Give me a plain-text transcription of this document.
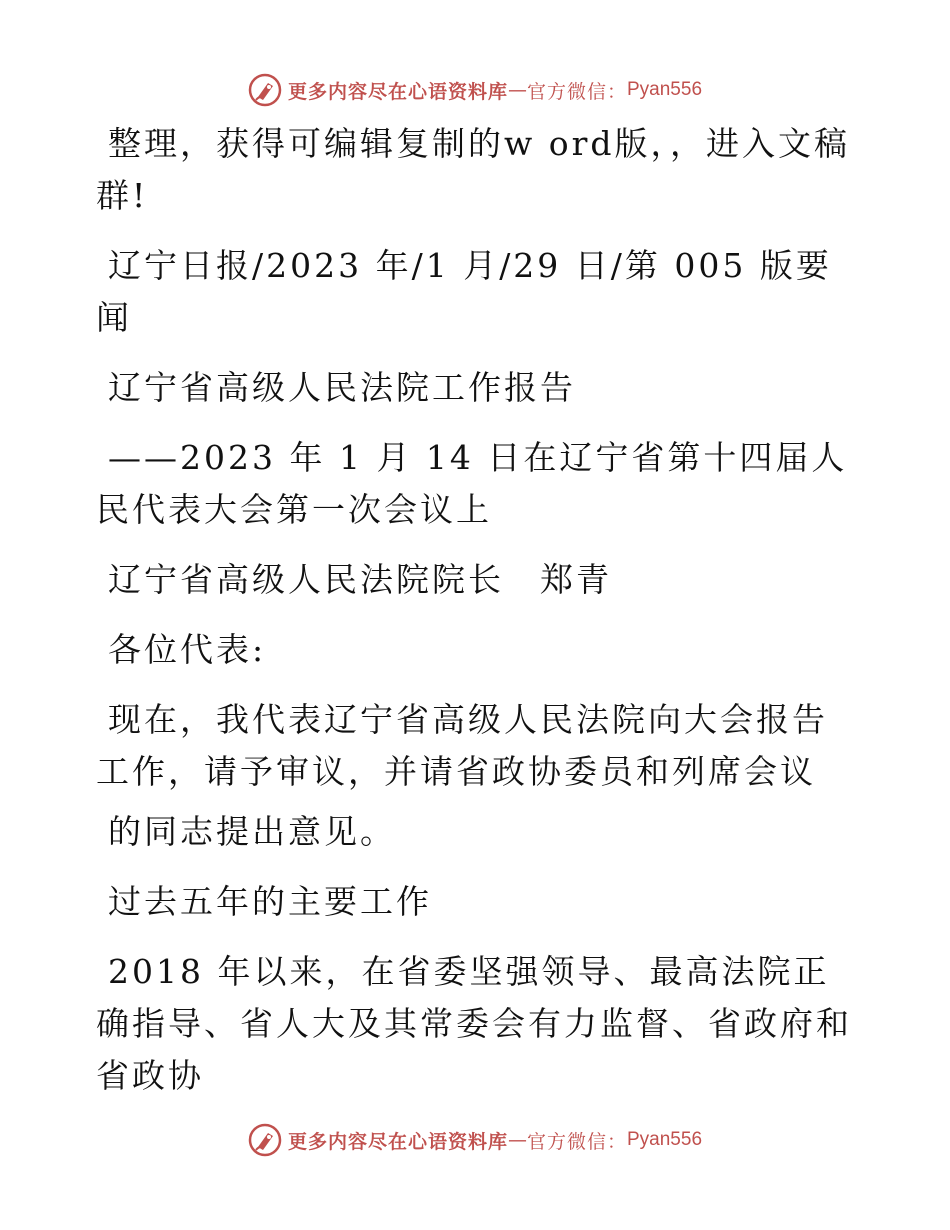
更多内容尽在心语资料库 — 官方微信： Pyan556

整理，获得可编辑复制的w ord版，，进入文稿群!

辽宁日报/2023 年/1 月/29 日/第 005 版要闻

辽宁省高级人民法院工作报告

——2023 年 1 月 14 日在辽宁省第十四届人民代表大会第一次会议上

辽宁省高级人民法院院长　郑青

各位代表:

现在，我代表辽宁省高级人民法院向大会报告工作，请予审议，并请省政协委员和列席会议

的同志提出意见。

过去五年的主要工作

2018 年以来，在省委坚强领导、最高法院正确指导、省人大及其常委会有力监督、省政府和省政协

更多内容尽在心语资料库 — 官方微信： Pyan556
